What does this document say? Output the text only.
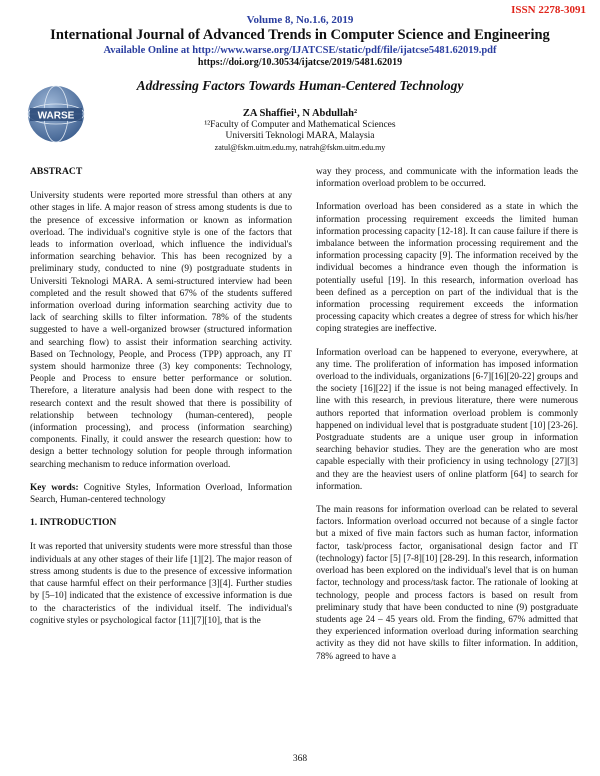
ISSN 2278-3091
Volume 8, No.1.6, 2019
International Journal of Advanced Trends in Computer Science and Engineering
Available Online at http://www.warse.org/IJATCSE/static/pdf/file/ijatcse5481.62019.pdf
https://doi.org/10.30534/ijatcse/2019/5481.62019
Addressing Factors Towards Human-Centered Technology
WARSE	ZA Shaffiei¹, N Abdullah²
¹²Faculty of Computer and Mathematical Sciences
Universiti Teknologi MARA, Malaysia
zatul@fskm.uitm.edu.my, natrah@fskm.uitm.edu.my
ABSTRACT

University students were reported more stressful than others at any other stages in life. A major reason of stress among students is due to the presence of excessive information or known as information overload. The individual's cognitive style is one of the factors that leads to information overload, which influence the individual's information searching behavior. This has been recognized by a preliminary study, conducted to nine (9) postgraduate students in Universiti Teknologi MARA. A semi-structured interview had been completed and the result showed that 67% of the students suffered information overload during information searching activity due to lack of searching skills to filter information. 78% of the students suggested to have a well-organized browser (structured information and searching flow) to assist their information searching activity. Based on Technology, People, and Process (TPP) approach, any IT system should harmonize three (3) key components: Technology, People and Process to ensure better performance or solution. Therefore, a literature analysis had been done with respect to the research context and the result showed that there is possibility of relationship between technology (human-centered), people (information processing), and process (information searching) components. Finally, it could answer the research question: how to design a better technology solution for people through information searching mechanism to reduce information overload.

Key words: Cognitive Styles, Information Overload, Information Search, Human-centered technology

1. INTRODUCTION

It was reported that university students were more stressful than those individuals at any other stages of their life [1][2]. The major reason of stress among students is due to the presence of excessive information that cause harmful effect on their performance [3][4]. Further studies by [5–10] indicated that the existence of excessive information is due to the characteristics of the individual itself. The individual's cognitive styles or psychological factor [11][7][10], that is the

way they process, and communicate with the information leads the information overload problem to be occurred.

Information overload has been considered as a state in which the information processing requirement exceeds the limited human information processing capacity [12-18]. It can cause failure if there is imbalance between the information processing requirement and the information processing capacity [9]. The information received by the individual becomes a hindrance even though the information is potentially useful [19]. In this research, information overload has been defined as a perception on part of the individual that is the information processing requirement exceeds the information processing capacity which creates a degree of stress for which his/her coping strategies are ineffective.

Information overload can be happened to everyone, everywhere, at any time. The proliferation of information has imposed information overload to the individuals, organizations [6-7][16][20-22] groups and the society [16][22] if the issue is not being managed effectively. In line with this research, in previous literature, there were numerous authors reported that information overload problem is commonly happened on individual level that is postgraduate student [10] [23-26]. Postgraduate students are a unique user group in information searching behavior studies. They are the generation who are most capable especially with their proficiency in using technology [27][3] and they are the heaviest users of online platform [64] to search for information.

The main reasons for information overload can be related to several factors. Information overload occurred not because of a single factor but a mixed of five main factors such as human factor, information factor, task/process factor, organisational design factor and IT (technology) factor [5] [7-8][10] [28-29]. In this research, information overload has been explored on the individual's level that is on human factor, technology and process/task factor. The rationale of looking at technology, people and process factors is based on result from preliminary study that have been conducted to nine (9) postgraduate students age 24 – 45 years old. From the finding, 67% admitted that they experienced information overload during information searching activity as they did not have skills to filter information. In addition, 78% agreed to have a

368
